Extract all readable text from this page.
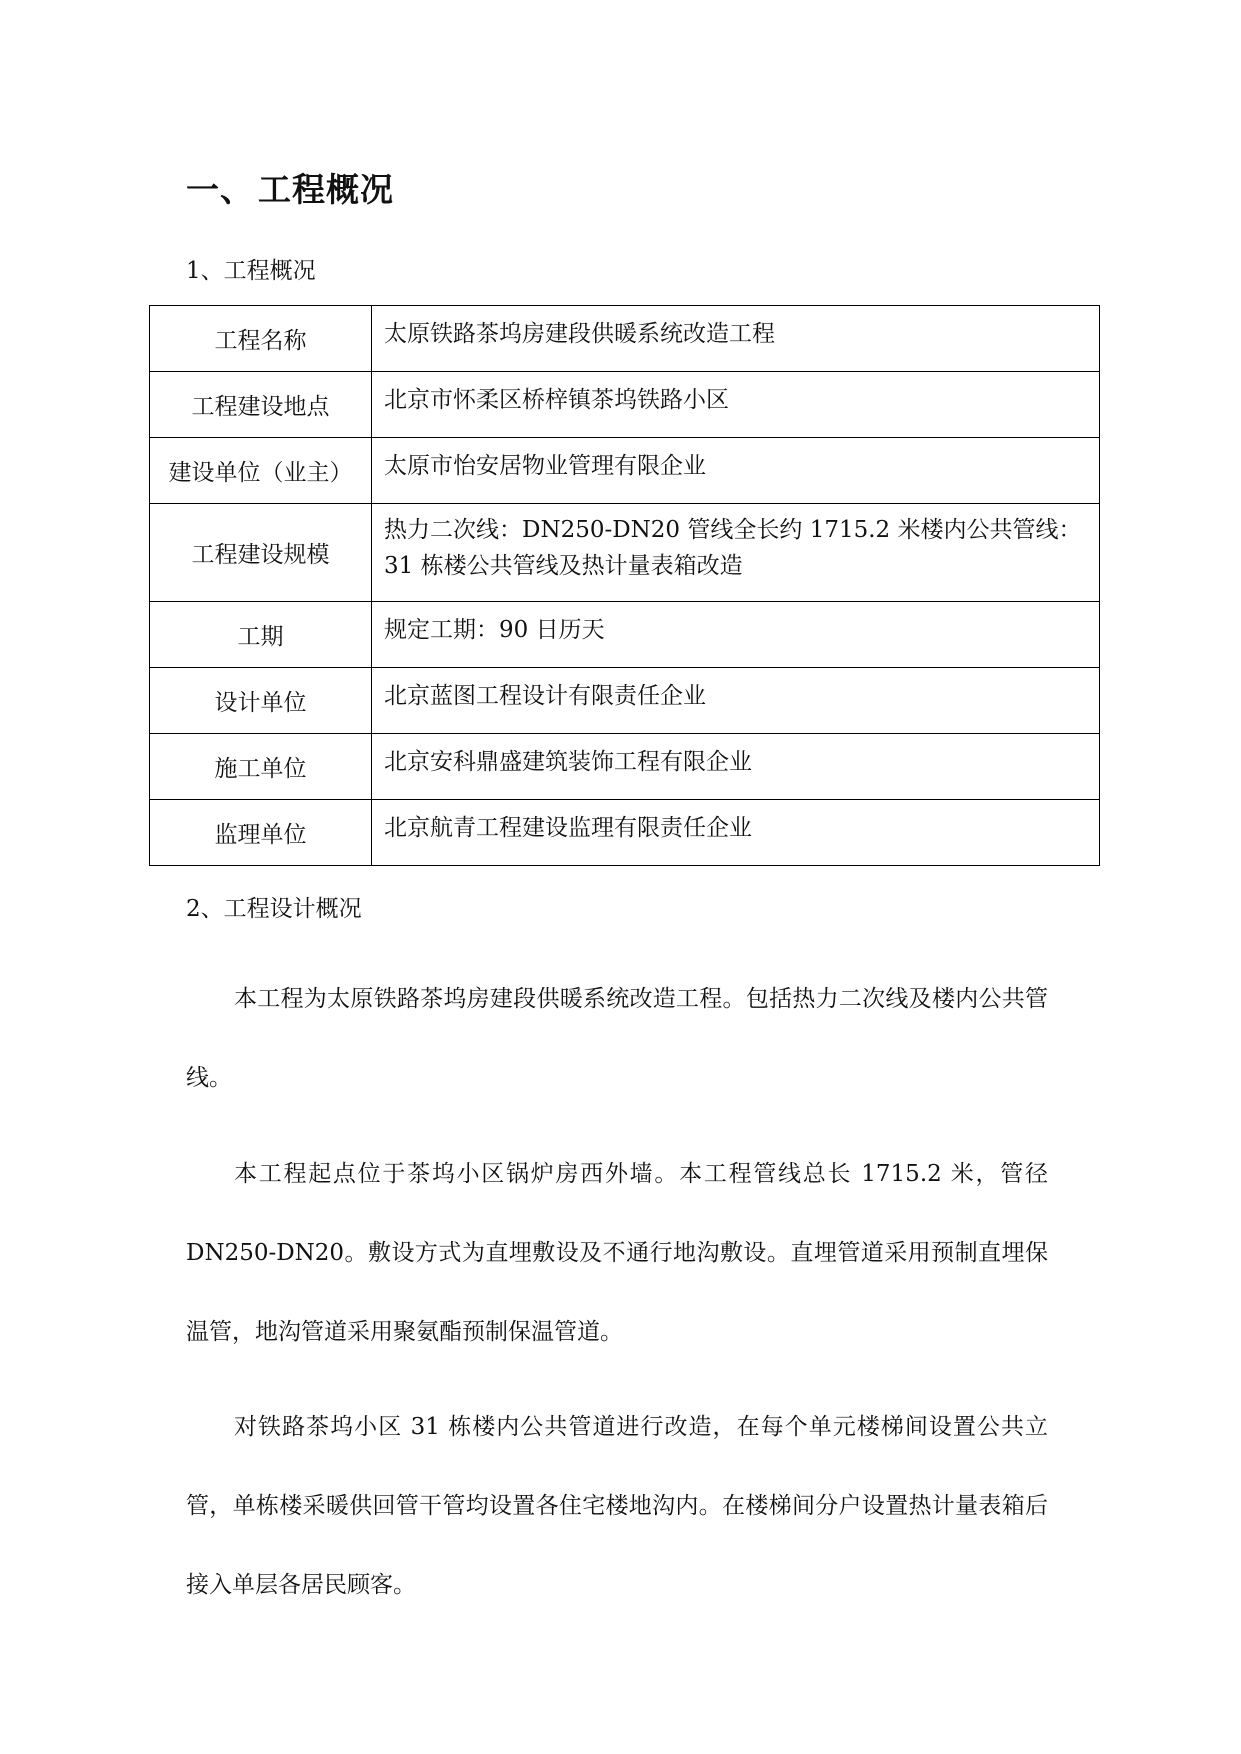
一、 工程概况
1、工程概况
工程名称	太原铁路茶坞房建段供暖系统改造工程
工程建设地点	北京市怀柔区桥梓镇茶坞铁路小区
建设单位（业主）	太原市怡安居物业管理有限企业
工程建设规模	热力二次线：DN250-DN20 管线全长约 1715.2 米楼内公共管线：31 栋楼公共管线及热计量表箱改造
工期	规定工期：90 日历天
设计单位	北京蓝图工程设计有限责任企业
施工单位	北京安科鼎盛建筑装饰工程有限企业
监理单位	北京航青工程建设监理有限责任企业
2、工程设计概况

本工程为太原铁路茶坞房建段供暖系统改造工程。包括热力二次线及楼内公共管线。

本工程起点位于茶坞小区锅炉房西外墙。本工程管线总长 1715.2 米，管径 DN250-DN20。敷设方式为直埋敷设及不通行地沟敷设。直埋管道采用预制直埋保温管，地沟管道采用聚氨酯预制保温管道。

对铁路茶坞小区 31 栋楼内公共管道进行改造，在每个单元楼梯间设置公共立管，单栋楼采暖供回管干管均设置各住宅楼地沟内。在楼梯间分户设置热计量表箱后接入单层各居民顾客。
